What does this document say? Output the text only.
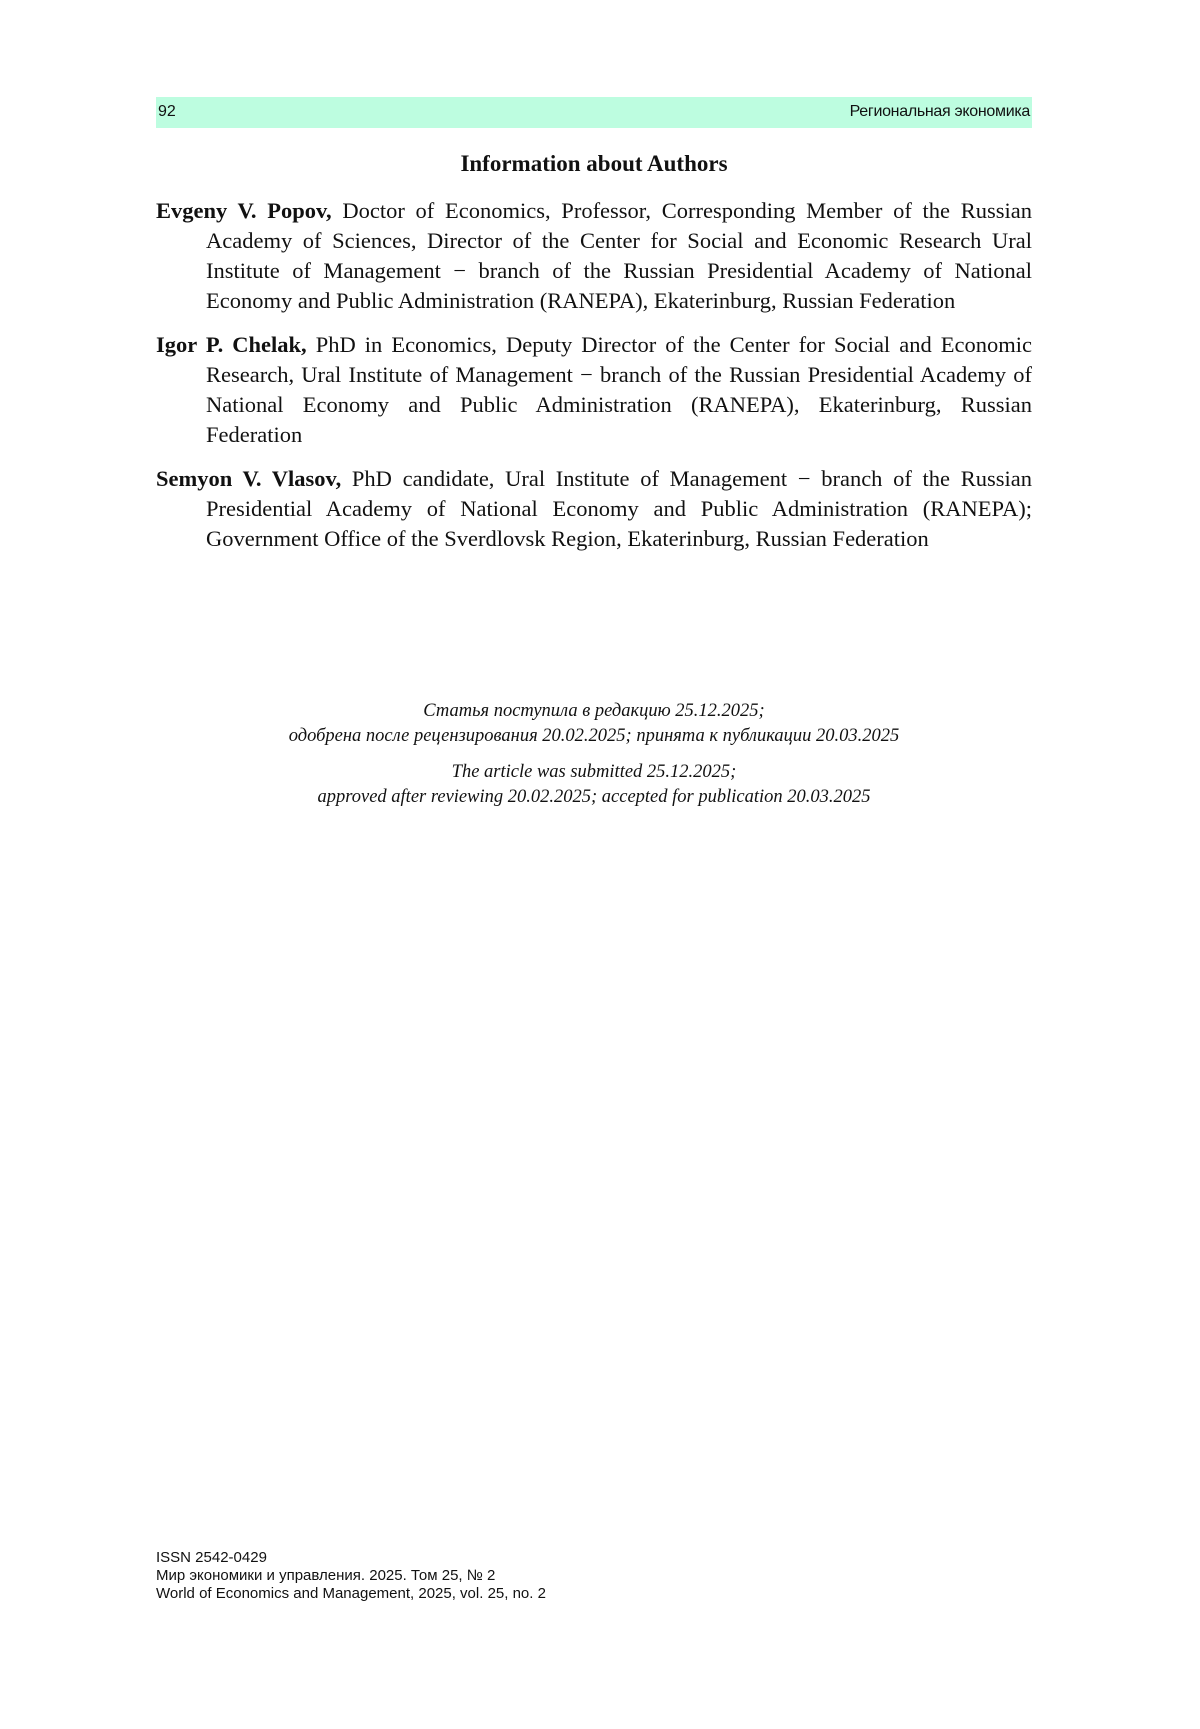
92	Региональная экономика
Information about Authors
Evgeny V. Popov, Doctor of Economics, Professor, Corresponding Member of the Russian Academy of Sciences, Director of the Center for Social and Economic Research Ural Institute of Management − branch of the Russian Presidential Academy of National Economy and Public Administration (RANEPA), Ekaterinburg, Russian Federation
Igor P. Chelak, PhD in Economics, Deputy Director of the Center for Social and Economic Research, Ural Institute of Management − branch of the Russian Presidential Academy of National Economy and Public Administration (RANEPA), Ekaterinburg, Russian Federation
Semyon V. Vlasov, PhD candidate, Ural Institute of Management − branch of the Russian Presidential Academy of National Economy and Public Administration (RANEPA); Government Office of the Sverdlovsk Region, Ekaterinburg, Russian Federation
Статья поступила в редакцию 25.12.2025;
одобрена после рецензирования 20.02.2025; принята к публикации 20.03.2025
The article was submitted 25.12.2025;
approved after reviewing 20.02.2025; accepted for publication 20.03.2025
ISSN 2542-0429
Мир экономики и управления. 2025. Том 25, № 2
World of Economics and Management, 2025, vol. 25, no. 2
